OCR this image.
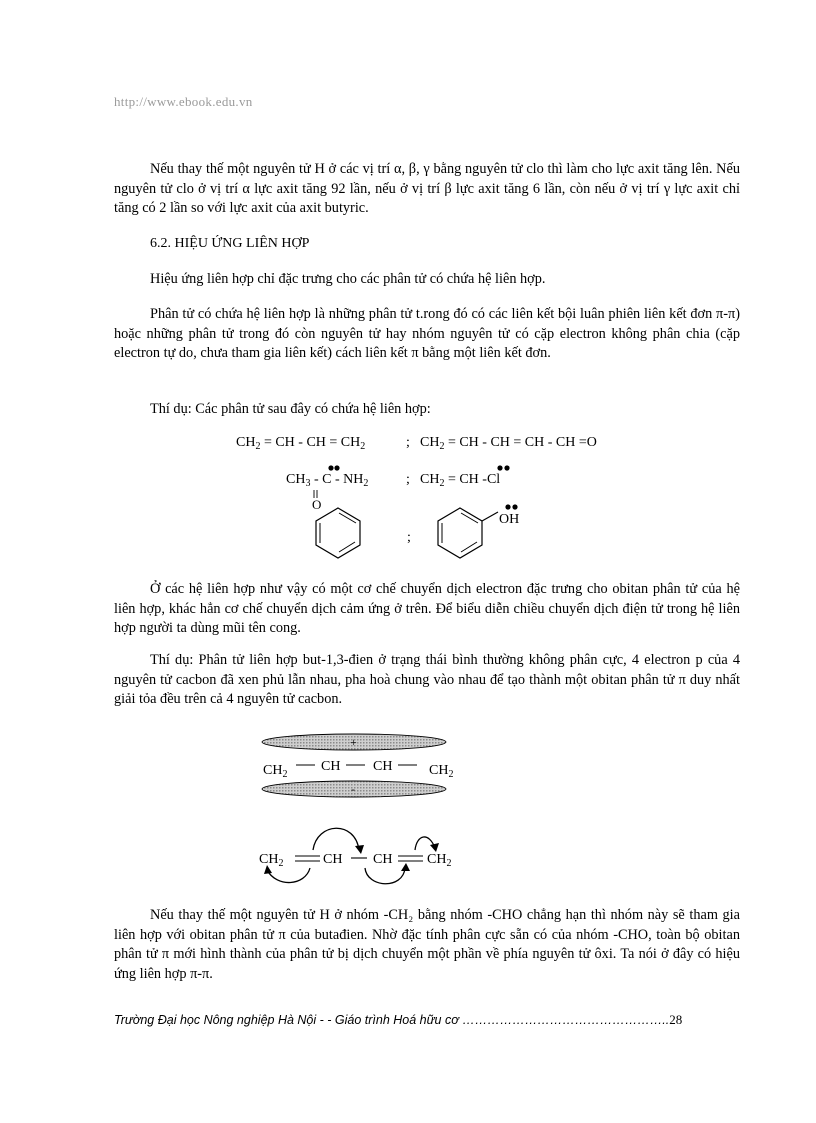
http://www.ebook.edu.vn
Nếu thay thế một nguyên tử H ở các vị trí α, β, γ bằng nguyên tử clo thì làm cho lực axit tăng lên. Nếu nguyên tử clo ở vị trí α lực axit tăng 92 lần, nếu ở vị trí β lực axit tăng 6 lần, còn nếu ở vị trí γ lực axit chỉ tăng có 2 lần so với lực axit của axit butyric.
6.2. HIỆU ỨNG LIÊN HỢP
Hiệu ứng liên hợp chỉ đặc trưng cho các phân tử có chứa hệ liên hợp.
Phân tử có chứa hệ liên hợp là những phân tử t.rong đó có các liên kết bội luân phiên liên kết đơn π-π) hoặc những phân tử trong đó còn nguyên tử hay nhóm nguyên tử có cặp electron không phân chia (cặp electron tự do, chưa tham gia liên kết) cách liên kết π bằng một liên kết đơn.
Thí dụ: Các phân tử sau đây có chứa hệ liên hợp:
$CH_2$ = CH - CH = $CH_2$	; $CH_2$ = CH - CH = CH - CH =O
$CH_3$ - C - $NH_2$
O
; $CH_2$ = CH -Cl
;
OH
Ở các hệ liên hợp như vậy có một cơ chế chuyển dịch electron đặc trưng cho obitan phân tử của hệ liên hợp, khác hẳn cơ chế chuyển dịch cảm ứng ở trên. Để biểu diễn chiều chuyển dịch điện tử trong hệ liên hợp người ta dùng mũi tên cong.
Thí dụ: Phân tử liên hợp but-1,3-đien ở trạng thái bình thường không phân cực, 4 electron p của 4 nguyên tử cacbon đã xen phủ lẫn nhau, pha hoà chung vào nhau để tạo thành một obitan phân tử π duy nhất giải tỏa đều trên cả 4 nguyên tử cacbon.
+
-
$CH_2$
CH CH	$CH_2$
$CH_2$	CH CH $CH_2$
Nếu thay thế một nguyên tử H ở nhóm -CH₂ bằng nhóm -CHO chẳng hạn thì nhóm này sẽ tham gia liên hợp với obitan phân tử π của butađien. Nhờ đặc tính phân cực sẵn có của nhóm -CHO, toàn bộ obitan phân tử π mới hình thành của phân tử bị dịch chuyển một phần về phía nguyên tử ôxi. Ta nói ở đây có hiệu ứng liên hợp π-π.
Trường Đại học Nông nghiệp Hà Nội - - Giáo trình Hoá hữu cơ …………………………………………..28
